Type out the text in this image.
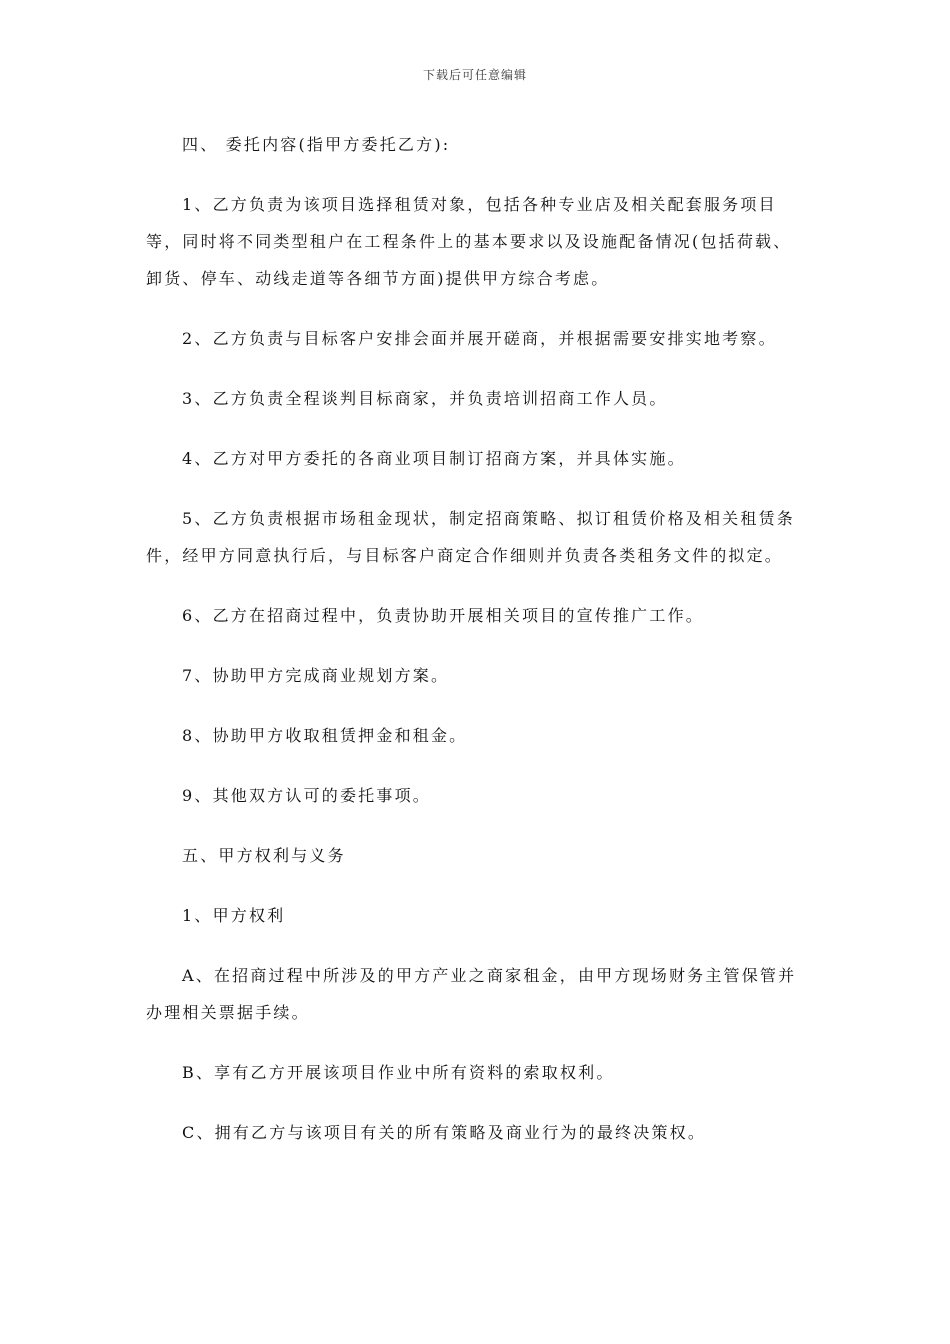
下载后可任意编辑

四、 委托内容(指甲方委托乙方):

1、乙方负责为该项目选择租赁对象，包括各种专业店及相关配套服务项目等，同时将不同类型租户在工程条件上的基本要求以及设施配备情况(包括荷载、卸货、停车、动线走道等各细节方面)提供甲方综合考虑。

2、乙方负责与目标客户安排会面并展开磋商，并根据需要安排实地考察。

3、乙方负责全程谈判目标商家，并负责培训招商工作人员。

4、乙方对甲方委托的各商业项目制订招商方案，并具体实施。

5、乙方负责根据市场租金现状，制定招商策略、拟订租赁价格及相关租赁条件，经甲方同意执行后，与目标客户商定合作细则并负责各类租务文件的拟定。

6、乙方在招商过程中，负责协助开展相关项目的宣传推广工作。

7、协助甲方完成商业规划方案。

8、协助甲方收取租赁押金和租金。

9、其他双方认可的委托事项。

五、甲方权利与义务

1、甲方权利

A、在招商过程中所涉及的甲方产业之商家租金，由甲方现场财务主管保管并办理相关票据手续。

B、享有乙方开展该项目作业中所有资料的索取权利。

C、拥有乙方与该项目有关的所有策略及商业行为的最终决策权。
